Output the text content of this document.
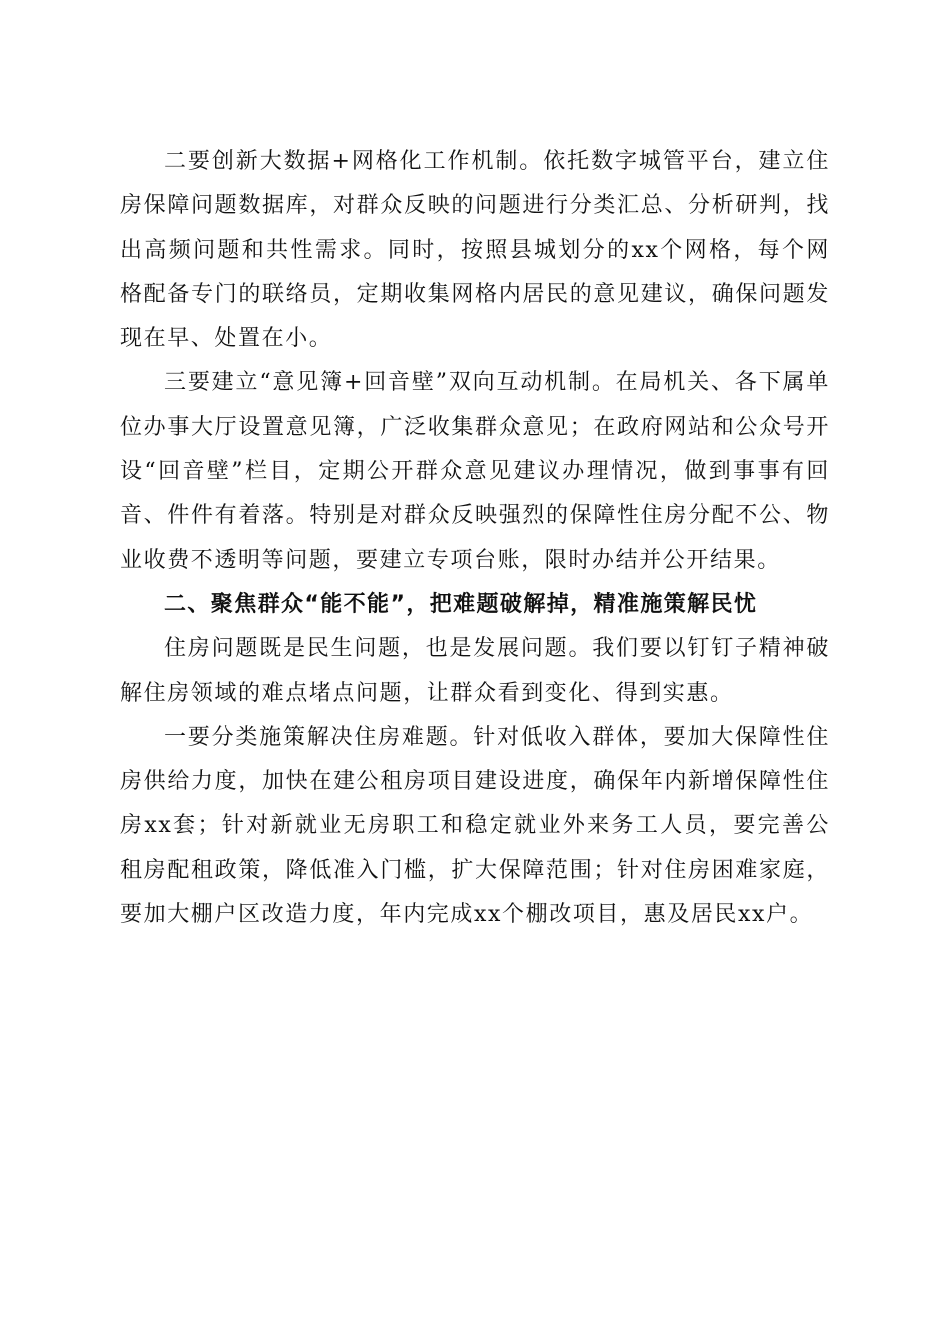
二要创新大数据+网格化工作机制。依托数字城管平台，建立住房保障问题数据库，对群众反映的问题进行分类汇总、分析研判，找出高频问题和共性需求。同时，按照县城划分的xx个网格，每个网格配备专门的联络员，定期收集网格内居民的意见建议，确保问题发现在早、处置在小。

三要建立“意见簿+回音壁”双向互动机制。在局机关、各下属单位办事大厅设置意见簿，广泛收集群众意见；在政府网站和公众号开设“回音壁”栏目，定期公开群众意见建议办理情况，做到事事有回音、件件有着落。特别是对群众反映强烈的保障性住房分配不公、物业收费不透明等问题，要建立专项台账，限时办结并公开结果。

二、聚焦群众“能不能”，把难题破解掉，精准施策解民忧

住房问题既是民生问题，也是发展问题。我们要以钉钉子精神破解住房领域的难点堵点问题，让群众看到变化、得到实惠。

一要分类施策解决住房难题。针对低收入群体，要加大保障性住房供给力度，加快在建公租房项目建设进度，确保年内新增保障性住房xx套；针对新就业无房职工和稳定就业外来务工人员，要完善公租房配租政策，降低准入门槛，扩大保障范围；针对住房困难家庭，要加大棚户区改造力度，年内完成xx个棚改项目，惠及居民xx户。
